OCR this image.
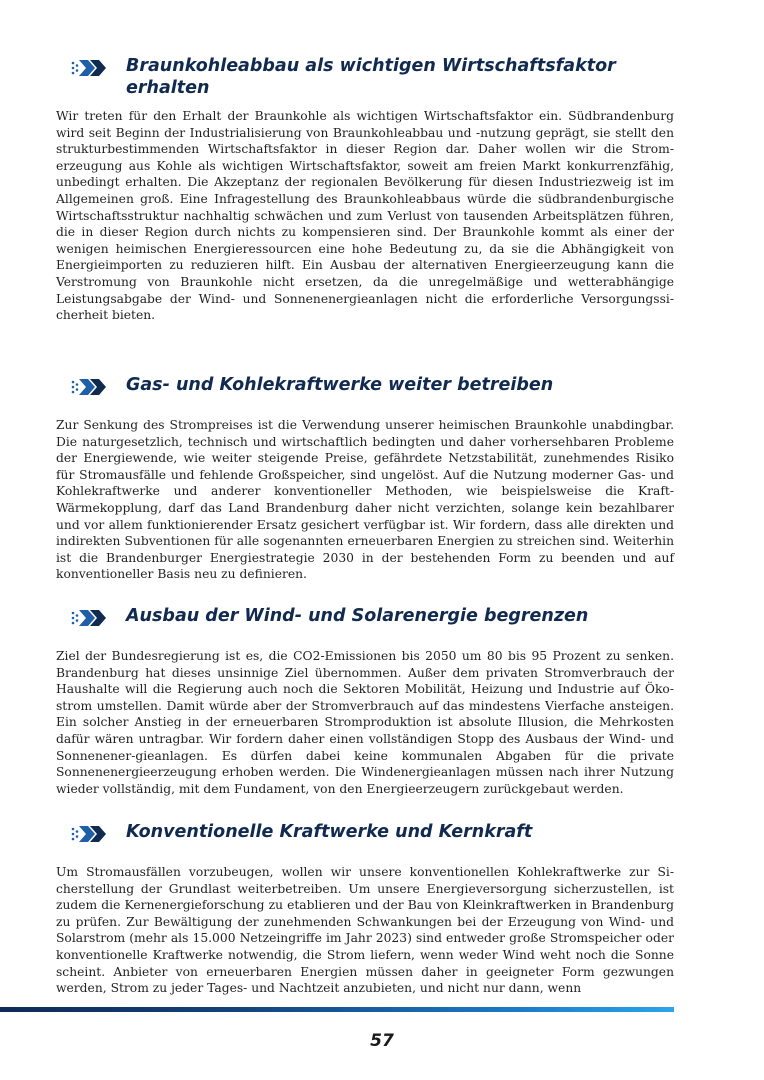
Braunkohleabbau als wichtigen Wirtschaftsfaktor erhalten

Wir treten für den Erhalt der Braunkohle als wichtigen Wirtschaftsfaktor ein. Südbrandenburg wird seit Beginn der Industrialisierung von Braunkohleabbau und -nutzung geprägt, sie stellt den strukturbestimmenden Wirtschaftsfaktor in dieser Region dar. Daher wollen wir die Stromerzeugung aus Kohle als wichtigen Wirtschaftsfaktor, soweit am freien Markt konkurrenzfähig, unbedingt erhalten. Die Akzeptanz der regionalen Bevölkerung für diesen Industriezweig ist im Allgemeinen groß. Eine Infragestellung des Braunkohleabbaus würde die südbrandenburgische Wirtschaftsstruktur nachhaltig schwächen und zum Verlust von tausenden Arbeitsplätzen führen, die in dieser Region durch nichts zu kompensieren sind. Der Braunkohle kommt als einer der wenigen heimischen Energieressourcen eine hohe Bedeutung zu, da sie die Abhängigkeit von Energieimporten zu reduzieren hilft. Ein Ausbau der alternativen Energieerzeugung kann die Verstromung von Braunkohle nicht ersetzen, da die unregelmäßige und wetterabhängige Leistungsabgabe der Wind- und Sonnenenergieanlagen nicht die erforderliche Versorgungssicherheit bieten.

Gas- und Kohlekraftwerke weiter betreiben

Zur Senkung des Strompreises ist die Verwendung unserer heimischen Braunkohle unabdingbar. Die naturgesetzlich, technisch und wirtschaftlich bedingten und daher vorhersehbaren Probleme der Energiewende, wie weiter steigende Preise, gefährdete Netzstabilität, zunehmendes Risiko für Stromausfälle und fehlende Großspeicher, sind ungelöst. Auf die Nutzung moderner Gas- und Kohlekraftwerke und anderer konventioneller Methoden, wie beispielsweise die Kraft-Wärmekopplung, darf das Land Brandenburg daher nicht verzichten, solange kein bezahlbarer und vor allem funktionierender Ersatz gesichert verfügbar ist. Wir fordern, dass alle direkten und indirekten Subventionen für alle sogenannten erneuerbaren Energien zu streichen sind. Weiterhin ist die Brandenburger Energiestrategie 2030 in der bestehenden Form zu beenden und auf konventioneller Basis neu zu definieren.

Ausbau der Wind- und Solarenergie begrenzen

Ziel der Bundesregierung ist es, die CO2-Emissionen bis 2050 um 80 bis 95 Prozent zu senken. Brandenburg hat dieses unsinnige Ziel übernommen. Außer dem privaten Stromverbrauch der Haushalte will die Regierung auch noch die Sektoren Mobilität, Heizung und Industrie auf Ökostrom umstellen. Damit würde aber der Stromverbrauch auf das mindestens Vierfache ansteigen. Ein solcher Anstieg in der erneuerbaren Stromproduktion ist absolute Illusion, die Mehrkosten dafür wären untragbar. Wir fordern daher einen vollständigen Stopp des Ausbaus der Wind- und Sonnenener-gieanlagen. Es dürfen dabei keine kommunalen Abgaben für die private Sonnenenergieerzeugung erhoben werden. Die Windenergieanlagen müssen nach ihrer Nutzung wieder vollständig, mit dem Fundament, von den Energieerzeugern zurückgebaut werden.

Konventionelle Kraftwerke und Kernkraft

Um Stromausfällen vorzubeugen, wollen wir unsere konventionellen Kohlekraftwerke zur Sicherstellung der Grundlast weiterbetreiben. Um unsere Energieversorgung sicherzustellen, ist zudem die Kernenergieforschung zu etablieren und der Bau von Kleinkraftwerken in Brandenburg zu prüfen. Zur Bewältigung der zunehmenden Schwankungen bei der Erzeugung von Wind- und Solarstrom (mehr als 15.000 Netzeingriffe im Jahr 2023) sind entweder große Stromspeicher oder konventionelle Kraftwerke notwendig, die Strom liefern, wenn weder Wind weht noch die Sonne scheint. Anbieter von erneuerbaren Energien müssen daher in geeigneter Form gezwungen werden, Strom zu jeder Tages- und Nachtzeit anzubieten, und nicht nur dann, wenn

57
